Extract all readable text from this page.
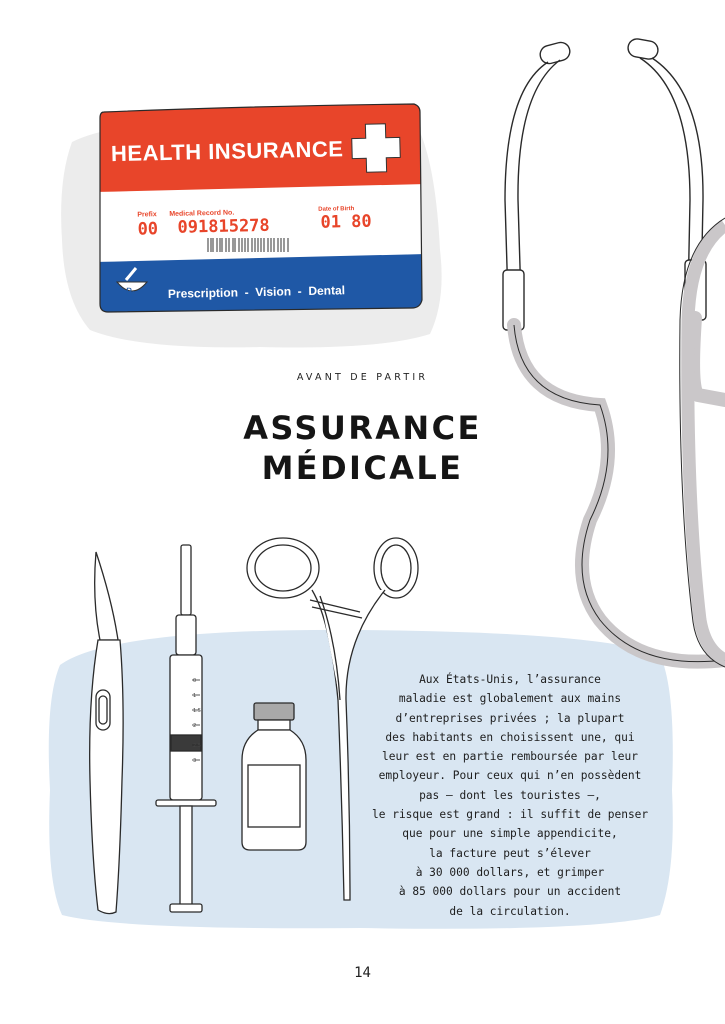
℞
HEALTH INSURANCE
Prefix Medical Record No.
Date of Birth
00 091815278	01 80
Prescription  -  Vision  -  Dental
0
1
1.5
2
2.5
3
AVANT DE PARTIR
ASSURANCE
MÉDICALE
Aux États-Unis, l’assurance
maladie est globalement aux mains
d’entreprises privées ; la plupart
des habitants en choisissent une, qui
leur est en partie remboursée par leur
employeur. Pour ceux qui n’en possèdent
pas – dont les touristes –,
le risque est grand : il suffit de penser
que pour une simple appendicite,
la facture peut s’élever
à 30 000 dollars, et grimper
à 85 000 dollars pour un accident
de la circulation.
14
